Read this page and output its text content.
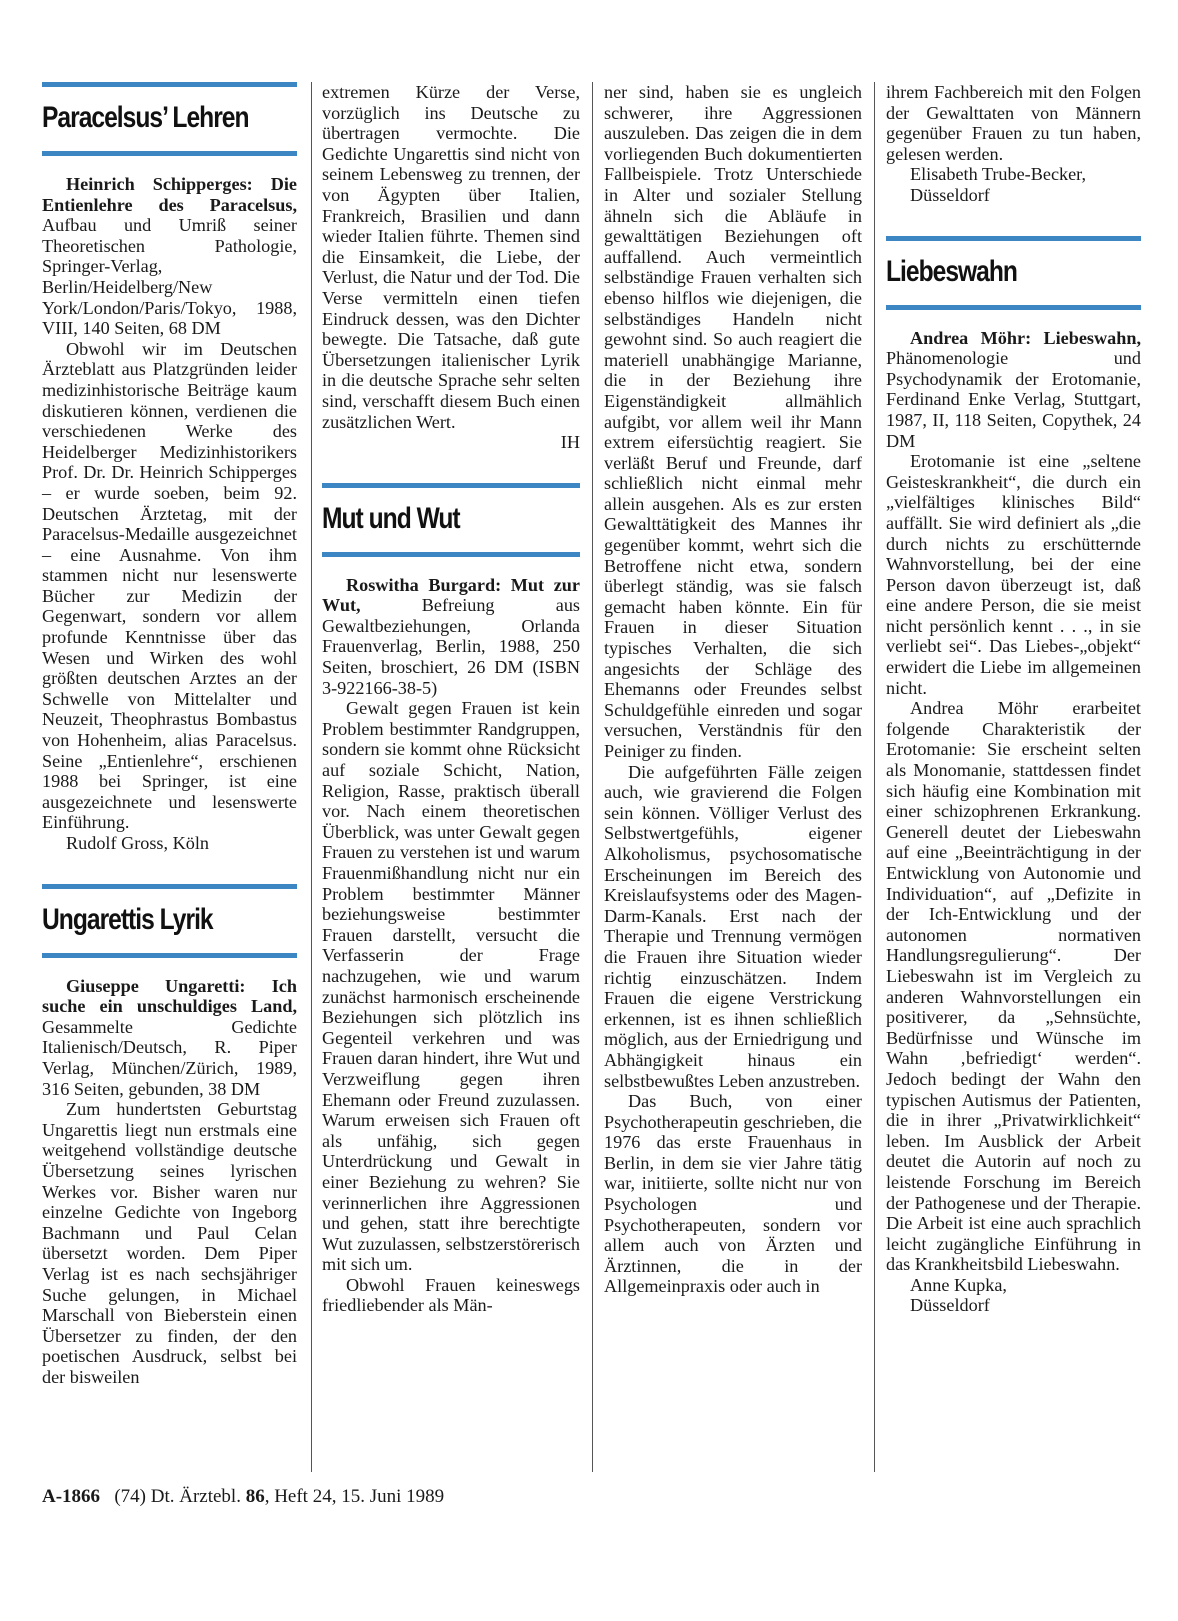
Paracelsus’ Lehren
Heinrich Schipperges: Die Entienlehre des Paracelsus, Aufbau und Umriß seiner Theoretischen Pathologie, Springer-Verlag, Berlin/Heidelberg/New York/London/Paris/Tokyo, 1988, VIII, 140 Seiten, 68 DM

Obwohl wir im Deutschen Ärzteblatt aus Platzgründen leider medizinhistorische Beiträge kaum diskutieren können, verdienen die verschiedenen Werke des Heidelberger Medizinhistorikers Prof. Dr. Dr. Heinrich Schipperges – er wurde soeben, beim 92. Deutschen Ärztetag, mit der Paracelsus-Medaille ausgezeichnet – eine Ausnahme. Von ihm stammen nicht nur lesenswerte Bücher zur Medizin der Gegenwart, sondern vor allem profunde Kenntnisse über das Wesen und Wirken des wohl größten deutschen Arztes an der Schwelle von Mittelalter und Neuzeit, Theophrastus Bombastus von Hohenheim, alias Paracelsus. Seine „Entienlehre“, erschienen 1988 bei Springer, ist eine ausgezeichnete und lesenswerte Einführung.

Rudolf Gross, Köln

Ungarettis Lyrik
Giuseppe Ungaretti: Ich suche ein unschuldiges Land, Gesammelte Gedichte Italienisch/Deutsch, R. Piper Verlag, München/Zürich, 1989, 316 Seiten, gebunden, 38 DM

Zum hundertsten Geburtstag Ungarettis liegt nun erstmals eine weitgehend vollständige deutsche Übersetzung seines lyrischen Werkes vor. Bisher waren nur einzelne Gedichte von Ingeborg Bachmann und Paul Celan übersetzt worden. Dem Piper Verlag ist es nach sechsjähriger Suche gelungen, in Michael Marschall von Bieberstein einen Übersetzer zu finden, der den poetischen Ausdruck, selbst bei der bisweilen

extremen Kürze der Verse, vorzüglich ins Deutsche zu übertragen vermochte. Die Gedichte Ungarettis sind nicht von seinem Lebensweg zu trennen, der von Ägypten über Italien, Frankreich, Brasilien und dann wieder Italien führte. Themen sind die Einsamkeit, die Liebe, der Verlust, die Natur und der Tod. Die Verse vermitteln einen tiefen Eindruck dessen, was den Dichter bewegte. Die Tatsache, daß gute Übersetzungen italienischer Lyrik in die deutsche Sprache sehr selten sind, verschafft diesem Buch einen zusätzlichen Wert.

IH

Mut und Wut
Roswitha Burgard: Mut zur Wut, Befreiung aus Gewaltbeziehungen, Orlanda Frauenverlag, Berlin, 1988, 250 Seiten, broschiert, 26 DM (ISBN 3-922166-38-5)

Gewalt gegen Frauen ist kein Problem bestimmter Randgruppen, sondern sie kommt ohne Rücksicht auf soziale Schicht, Nation, Religion, Rasse, praktisch überall vor. Nach einem theoretischen Überblick, was unter Gewalt gegen Frauen zu verstehen ist und warum Frauenmißhandlung nicht nur ein Problem bestimmter Männer beziehungsweise bestimmter Frauen darstellt, versucht die Verfasserin der Frage nachzugehen, wie und warum zunächst harmonisch erscheinende Beziehungen sich plötzlich ins Gegenteil verkehren und was Frauen daran hindert, ihre Wut und Verzweiflung gegen ihren Ehemann oder Freund zuzulassen. Warum erweisen sich Frauen oft als unfähig, sich gegen Unterdrückung und Gewalt in einer Beziehung zu wehren? Sie verinnerlichen ihre Aggressionen und gehen, statt ihre berechtigte Wut zuzulassen, selbstzerstörerisch mit sich um.

Obwohl Frauen keineswegs friedliebender als Män-

ner sind, haben sie es ungleich schwerer, ihre Aggressionen auszuleben. Das zeigen die in dem vorliegenden Buch dokumentierten Fallbeispiele. Trotz Unterschiede in Alter und sozialer Stellung ähneln sich die Abläufe in gewalttätigen Beziehungen oft auffallend. Auch vermeintlich selbständige Frauen verhalten sich ebenso hilflos wie diejenigen, die selbständiges Handeln nicht gewohnt sind. So auch reagiert die materiell unabhängige Marianne, die in der Beziehung ihre Eigenständigkeit allmählich aufgibt, vor allem weil ihr Mann extrem eifersüchtig reagiert. Sie verläßt Beruf und Freunde, darf schließlich nicht einmal mehr allein ausgehen. Als es zur ersten Gewalttätigkeit des Mannes ihr gegenüber kommt, wehrt sich die Betroffene nicht etwa, sondern überlegt ständig, was sie falsch gemacht haben könnte. Ein für Frauen in dieser Situation typisches Verhalten, die sich angesichts der Schläge des Ehemanns oder Freundes selbst Schuldgefühle einreden und sogar versuchen, Verständnis für den Peiniger zu finden.

Die aufgeführten Fälle zeigen auch, wie gravierend die Folgen sein können. Völliger Verlust des Selbstwertgefühls, eigener Alkoholismus, psychosomatische Erscheinungen im Bereich des Kreislaufsystems oder des Magen-Darm-Kanals. Erst nach der Therapie und Trennung vermögen die Frauen ihre Situation wieder richtig einzuschätzen. Indem Frauen die eigene Verstrickung erkennen, ist es ihnen schließlich möglich, aus der Erniedrigung und Abhängigkeit hinaus ein selbstbewußtes Leben anzustreben.

Das Buch, von einer Psychotherapeutin geschrieben, die 1976 das erste Frauenhaus in Berlin, in dem sie vier Jahre tätig war, initiierte, sollte nicht nur von Psychologen und Psychotherapeuten, sondern vor allem auch von Ärzten und Ärztinnen, die in der Allgemeinpraxis oder auch in

ihrem Fachbereich mit den Folgen der Gewalttaten von Männern gegenüber Frauen zu tun haben, gelesen werden.

Elisabeth Trube-Becker,

Düsseldorf

Liebeswahn
Andrea Möhr: Liebeswahn, Phänomenologie und Psychodynamik der Erotomanie, Ferdinand Enke Verlag, Stuttgart, 1987, II, 118 Seiten, Copythek, 24 DM

Erotomanie ist eine „seltene Geisteskrankheit“, die durch ein „vielfältiges klinisches Bild“ auffällt. Sie wird definiert als „die durch nichts zu erschütternde Wahnvorstellung, bei der eine Person davon überzeugt ist, daß eine andere Person, die sie meist nicht persönlich kennt . . ., in sie verliebt sei“. Das Liebes-„objekt“ erwidert die Liebe im allgemeinen nicht.

Andrea Möhr erarbeitet folgende Charakteristik der Erotomanie: Sie erscheint selten als Monomanie, stattdessen findet sich häufig eine Kombination mit einer schizophrenen Erkrankung. Generell deutet der Liebeswahn auf eine „Beeinträchtigung in der Entwicklung von Autonomie und Individuation“, auf „Defizite in der Ich-Entwicklung und der autonomen normativen Handlungsregulierung“. Der Liebeswahn ist im Vergleich zu anderen Wahnvorstellungen ein positiverer, da „Sehnsüchte, Bedürfnisse und Wünsche im Wahn ‚befriedigt‘ werden“. Jedoch bedingt der Wahn den typischen Autismus der Patienten, die in ihrer „Privatwirklichkeit“ leben. Im Ausblick der Arbeit deutet die Autorin auf noch zu leistende Forschung im Bereich der Pathogenese und der Therapie. Die Arbeit ist eine auch sprachlich leicht zugängliche Einführung in das Krankheitsbild Liebeswahn.

Anne Kupka,

Düsseldorf

A-1866 (74) Dt. Ärztebl. 86, Heft 24, 15. Juni 1989
